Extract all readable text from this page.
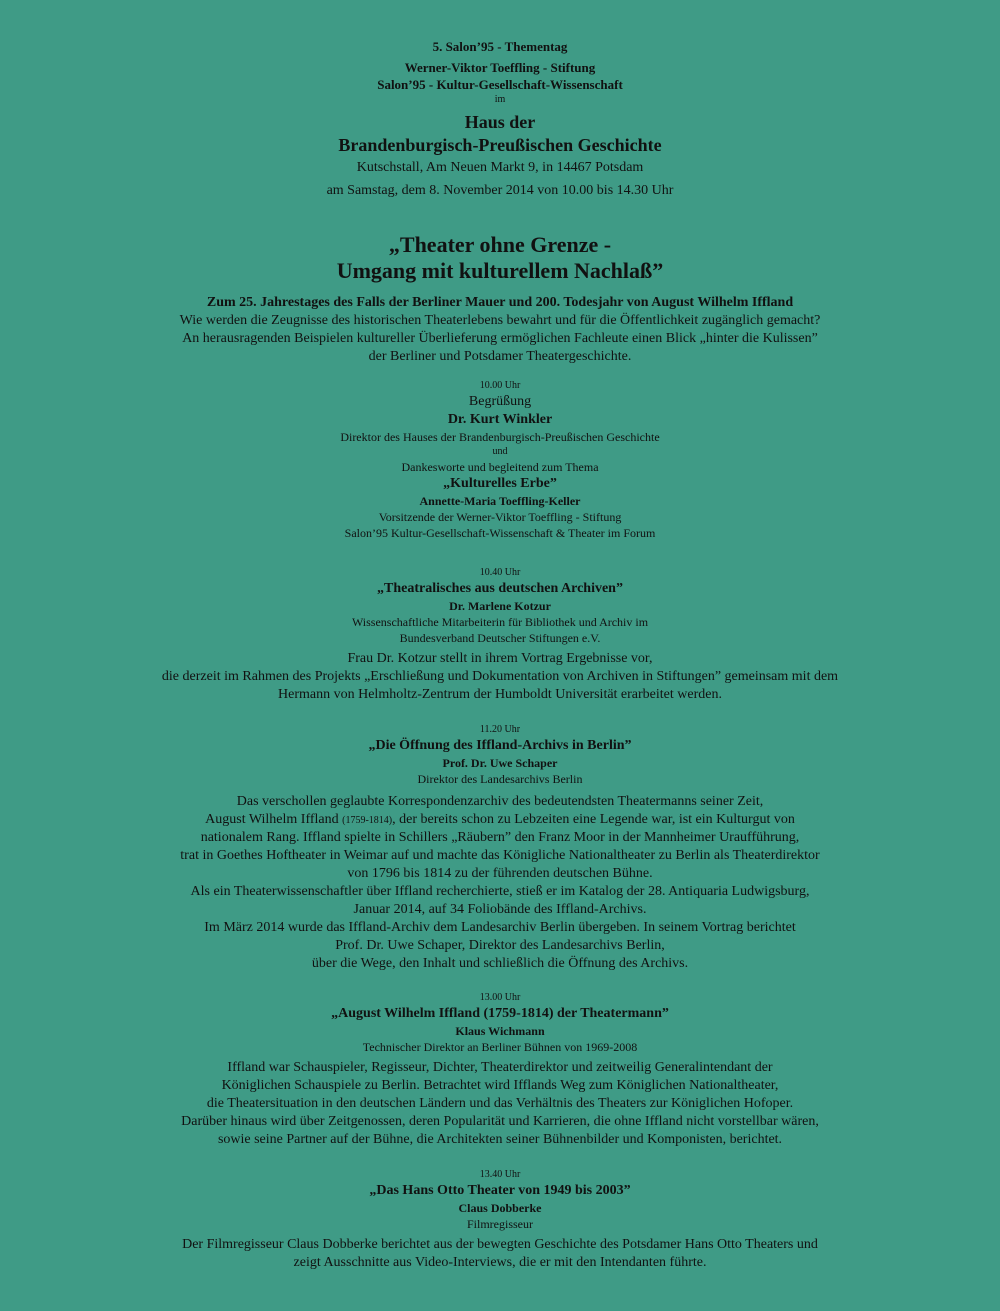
5. Salon’95 - Thementag
Werner-Viktor Toeffling - Stiftung
Salon’95 - Kultur-Gesellschaft-Wissenschaft
im
Haus der
Brandenburgisch-Preußischen Geschichte
Kutschstall, Am Neuen Markt 9, in 14467 Potsdam
am Samstag, dem 8. November 2014 von 10.00 bis 14.30 Uhr
„Theater ohne Grenze -
Umgang mit kulturellem Nachlaß”
Zum 25. Jahrestages des Falls der Berliner Mauer und 200. Todesjahr von August Wilhelm Iffland
Wie werden die Zeugnisse des historischen Theaterlebens bewahrt und für die Öffentlichkeit zugänglich gemacht?
An herausragenden Beispielen kultureller Überlieferung ermöglichen Fachleute einen Blick „hinter die Kulissen”
der Berliner und Potsdamer Theatergeschichte.
10.00 Uhr
Begrüßung
Dr. Kurt Winkler
Direktor des Hauses der Brandenburgisch-Preußischen Geschichte
und
Dankesworte und begleitend zum Thema
„Kulturelles Erbe”
Annette-Maria Toeffling-Keller
Vorsitzende der Werner-Viktor Toeffling - Stiftung
Salon’95 Kultur-Gesellschaft-Wissenschaft & Theater im Forum
10.40 Uhr
„Theatralisches aus deutschen Archiven”
Dr. Marlene Kotzur
Wissenschaftliche Mitarbeiterin für Bibliothek und Archiv im
Bundesverband Deutscher Stiftungen e.V.
Frau Dr. Kotzur stellt in ihrem Vortrag Ergebnisse vor,
die derzeit im Rahmen des Projekts „Erschließung und Dokumentation von Archiven in Stiftungen” gemeinsam mit dem
Hermann von Helmholtz-Zentrum der Humboldt Universität erarbeitet werden.
11.20 Uhr
„Die Öffnung des Iffland-Archivs in Berlin”
Prof. Dr. Uwe Schaper
Direktor des Landesarchivs Berlin
Das verschollen geglaubte Korrespondenzarchiv des bedeutendsten Theatermanns seiner Zeit,
August Wilhelm Iffland (1759-1814), der bereits schon zu Lebzeiten eine Legende war, ist ein Kulturgut von
nationalem Rang. Iffland spielte in Schillers „Räubern” den Franz Moor in der Mannheimer Uraufführung,
trat in Goethes Hoftheater in Weimar auf und machte das Königliche Nationaltheater zu Berlin als Theaterdirektor
von 1796 bis 1814 zu der führenden deutschen Bühne.
Als ein Theaterwissenschaftler über Iffland recherchierte, stieß er im Katalog der 28. Antiquaria Ludwigsburg,
Januar 2014, auf 34 Foliobände des Iffland-Archivs.
Im März 2014 wurde das Iffland-Archiv dem Landesarchiv Berlin übergeben. In seinem Vortrag berichtet
Prof. Dr. Uwe Schaper, Direktor des Landesarchivs Berlin,
über die Wege, den Inhalt und schließlich die Öffnung des Archivs.
13.00 Uhr
„August Wilhelm Iffland (1759-1814) der Theatermann”
Klaus Wichmann
Technischer Direktor an Berliner Bühnen von 1969-2008
Iffland war Schauspieler, Regisseur, Dichter, Theaterdirektor und zeitweilig Generalintendant der
Königlichen Schauspiele zu Berlin. Betrachtet wird Ifflands Weg zum Königlichen Nationaltheater,
die Theatersituation in den deutschen Ländern und das Verhältnis des Theaters zur Königlichen Hofoper.
Darüber hinaus wird über Zeitgenossen, deren Popularität und Karrieren, die ohne Iffland nicht vorstellbar wären,
sowie seine Partner auf der Bühne, die Architekten seiner Bühnenbilder und Komponisten, berichtet.
13.40 Uhr
„Das Hans Otto Theater von 1949 bis 2003”
Claus Dobberke
Filmregisseur
Der Filmregisseur Claus Dobberke berichtet aus der bewegten Geschichte des Potsdamer Hans Otto Theaters und
zeigt Ausschnitte aus Video-Interviews, die er mit den Intendanten führte.
